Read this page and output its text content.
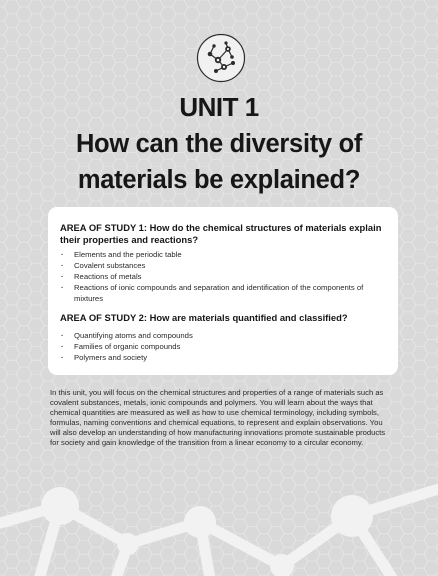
UNIT 1
How can the diversity of materials be explained?
AREA OF STUDY 1: How do the chemical structures of materials explain their properties and reactions?
· Elements and the periodic table
· Covalent substances
· Reactions of metals
· Reactions of ionic compounds and separation and identification of the components of mixtures
AREA OF STUDY 2: How are materials quantified and classified?
· Quantifying atoms and compounds
· Families of organic compounds
· Polymers and society

In this unit, you will focus on the chemical structures and properties of a range of materials such as covalent substances, metals, ionic compounds and polymers. You will learn about the ways that chemical quantities are measured as well as how to use chemical terminology, including symbols, formulas, naming conventions and chemical equations, to represent and explain observations. You will also develop an understanding of how manufacturing innovations promote sustainable products for society and gain knowledge of the transition from a linear economy to a circular economy.
